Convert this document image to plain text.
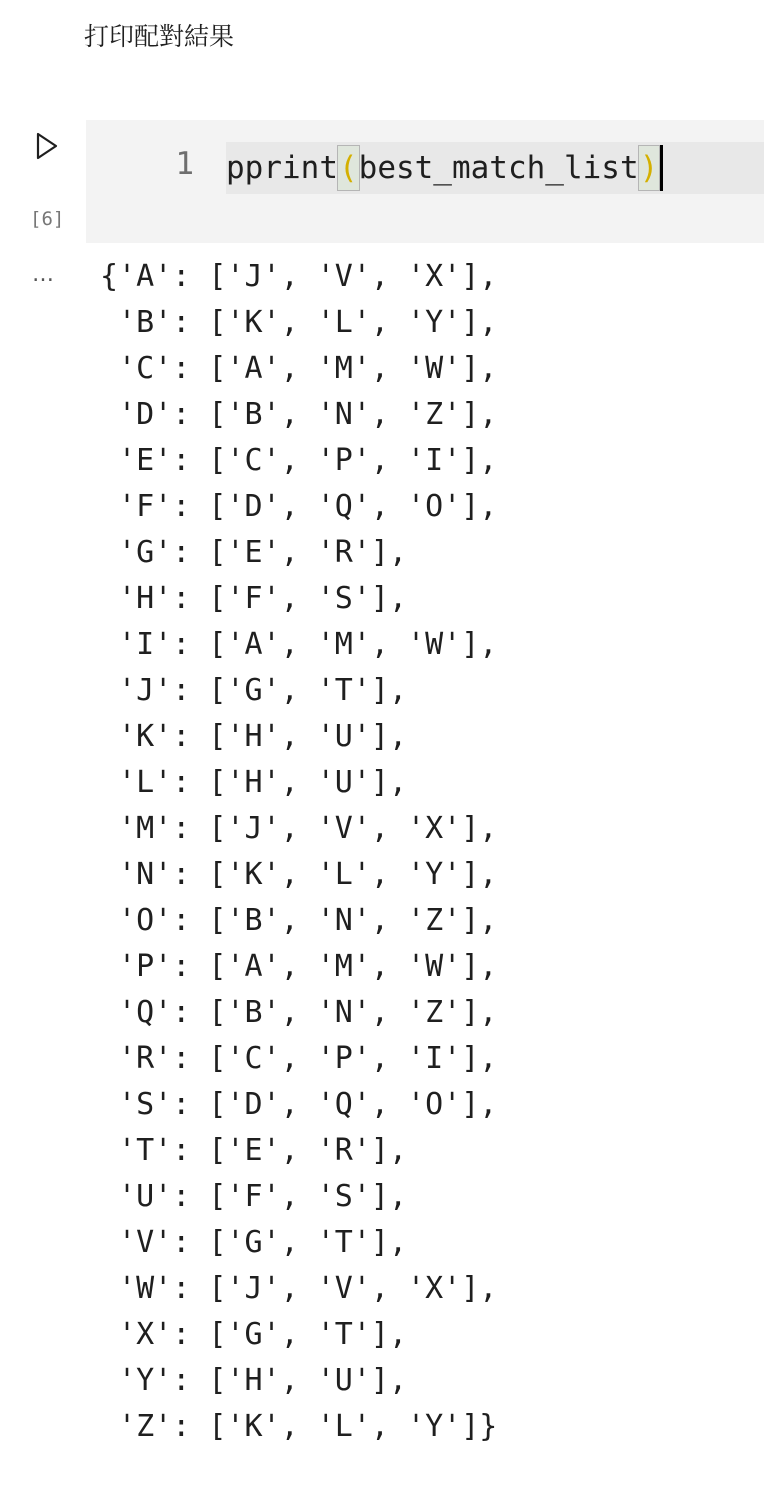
打印配對結果
[6]
1 pprint ( best_match_list )
… {'A': ['J', 'V', 'X'],
'B': ['K', 'L', 'Y'],
'C': ['A', 'M', 'W'],
'D': ['B', 'N', 'Z'],
'E': ['C', 'P', 'I'],
'F': ['D', 'Q', 'O'],
'G': ['E', 'R'],
'H': ['F', 'S'],
'I': ['A', 'M', 'W'],
'J': ['G', 'T'],
'K': ['H', 'U'],
'L': ['H', 'U'],
'M': ['J', 'V', 'X'],
'N': ['K', 'L', 'Y'],
'O': ['B', 'N', 'Z'],
'P': ['A', 'M', 'W'],
'Q': ['B', 'N', 'Z'],
'R': ['C', 'P', 'I'],
'S': ['D', 'Q', 'O'],
'T': ['E', 'R'],
'U': ['F', 'S'],
'V': ['G', 'T'],
'W': ['J', 'V', 'X'],
'X': ['G', 'T'],
'Y': ['H', 'U'],
'Z': ['K', 'L', 'Y']}
